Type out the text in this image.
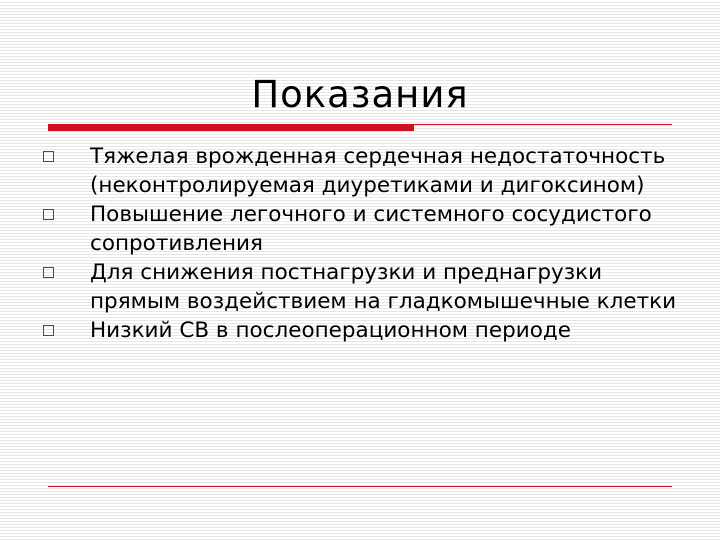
Показания
Тяжелая врожденная сердечная недостаточность (неконтролируемая диуретиками и дигоксином)
Повышение легочного и системного сосудистого сопротивления
Для снижения постнагрузки и преднагрузки прямым воздействием на гладкомышечные клетки
Низкий СВ в послеоперационном периоде
